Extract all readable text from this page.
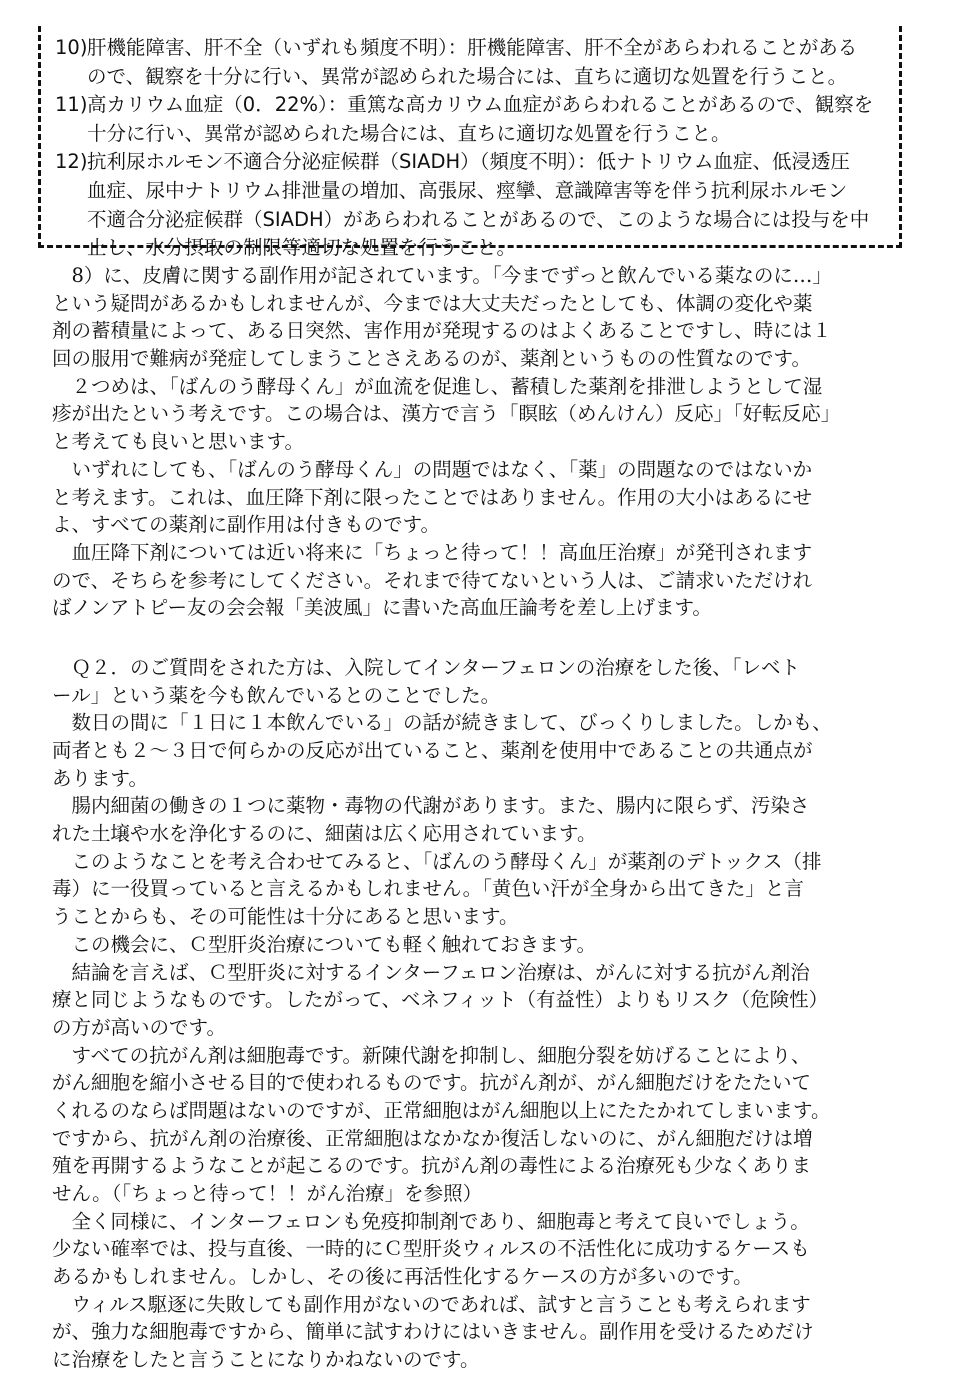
10) 肝機能障害、肝不全（いずれも頻度不明）：肝機能障害、肝不全があらわれることがある
ので、観察を十分に行い、異常が認められた場合には、直ちに適切な処置を行うこと。
11) 高カリウム血症（0．22%）：重篤な高カリウム血症があらわれることがあるので、観察を
十分に行い、異常が認められた場合には、直ちに適切な処置を行うこと。
12) 抗利尿ホルモン不適合分泌症候群（SIADH）（頻度不明）：低ナトリウム血症、低浸透圧
血症、尿中ナトリウム排泄量の増加、高張尿、痙攣、意識障害等を伴う抗利尿ホルモン
不適合分泌症候群（SIADH）があらわれることがあるので、このような場合には投与を中
止し、水分摂取の制限等適切な処置を行うこと。
　8）に、皮膚に関する副作用が記されています。「今までずっと飲んでいる薬なのに…」
という疑問があるかもしれませんが、今までは大丈夫だったとしても、体調の変化や薬
剤の蓄積量によって、ある日突然、害作用が発現するのはよくあることですし、時には１
回の服用で難病が発症してしまうことさえあるのが、薬剤というものの性質なのです。
　２つめは、「ばんのう酵母くん」が血流を促進し、蓄積した薬剤を排泄しようとして湿
疹が出たという考えです。この場合は、漢方で言う「瞑眩（めんけん）反応」「好転反応」
と考えても良いと思います。
　いずれにしても、「ばんのう酵母くん」の問題ではなく、「薬」の問題なのではないか
と考えます。これは、血圧降下剤に限ったことではありません。作用の大小はあるにせ
よ、すべての薬剤に副作用は付きものです。
　血圧降下剤については近い将来に「ちょっと待って！！高血圧治療」が発刊されます
ので、そちらを参考にしてください。それまで待てないという人は、ご請求いただけれ
ばノンアトピー友の会会報「美波風」に書いた高血圧論考を差し上げます。
　Ｑ２．のご質問をされた方は、入院してインターフェロンの治療をした後、「レベト
ール」という薬を今も飲んでいるとのことでした。
　数日の間に「１日に１本飲んでいる」の話が続きまして、びっくりしました。しかも、
両者とも２～３日で何らかの反応が出ていること、薬剤を使用中であることの共通点が
あります。
　腸内細菌の働きの１つに薬物・毒物の代謝があります。また、腸内に限らず、汚染さ
れた土壌や水を浄化するのに、細菌は広く応用されています。
　このようなことを考え合わせてみると、「ばんのう酵母くん」が薬剤のデトックス（排
毒）に一役買っていると言えるかもしれません。「黄色い汗が全身から出てきた」と言
うことからも、その可能性は十分にあると思います。
　この機会に、Ｃ型肝炎治療についても軽く触れておきます。
　結論を言えば、Ｃ型肝炎に対するインターフェロン治療は、がんに対する抗がん剤治
療と同じようなものです。したがって、ベネフィット（有益性）よりもリスク（危険性）
の方が高いのです。
　すべての抗がん剤は細胞毒です。新陳代謝を抑制し、細胞分裂を妨げることにより、
がん細胞を縮小させる目的で使われるものです。抗がん剤が、がん細胞だけをたたいて
くれるのならば問題はないのですが、正常細胞はがん細胞以上にたたかれてしまいます。
ですから、抗がん剤の治療後、正常細胞はなかなか復活しないのに、がん細胞だけは増
殖を再開するようなことが起こるのです。抗がん剤の毒性による治療死も少なくありま
せん。（「ちょっと待って！！がん治療」を参照）
　全く同様に、インターフェロンも免疫抑制剤であり、細胞毒と考えて良いでしょう。
少ない確率では、投与直後、一時的にＣ型肝炎ウィルスの不活性化に成功するケースも
あるかもしれません。しかし、その後に再活性化するケースの方が多いのです。
　ウィルス駆逐に失敗しても副作用がないのであれば、試すと言うことも考えられます
が、強力な細胞毒ですから、簡単に試すわけにはいきません。副作用を受けるためだけ
に治療をしたと言うことになりかねないのです。
